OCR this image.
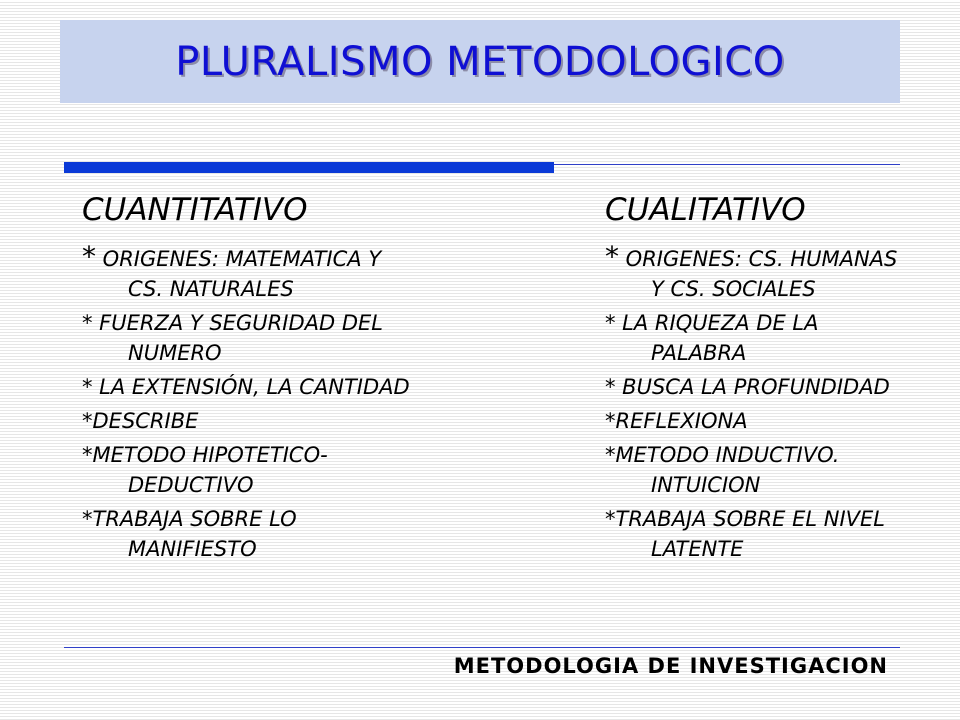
PLURALISMO METODOLOGICO
CUANTITATIVO
* ORIGENES: MATEMATICA Y CS. NATURALES
* FUERZA Y SEGURIDAD DEL NUMERO
* LA EXTENSIÓN, LA CANTIDAD
*DESCRIBE
*METODO HIPOTETICO-DEDUCTIVO
*TRABAJA SOBRE LO MANIFIESTO
CUALITATIVO
* ORIGENES: CS. HUMANAS Y CS. SOCIALES
* LA RIQUEZA DE LA PALABRA
* BUSCA LA PROFUNDIDAD
*REFLEXIONA
*METODO INDUCTIVO. INTUICION
*TRABAJA SOBRE EL NIVEL LATENTE
METODOLOGIA DE INVESTIGACION
